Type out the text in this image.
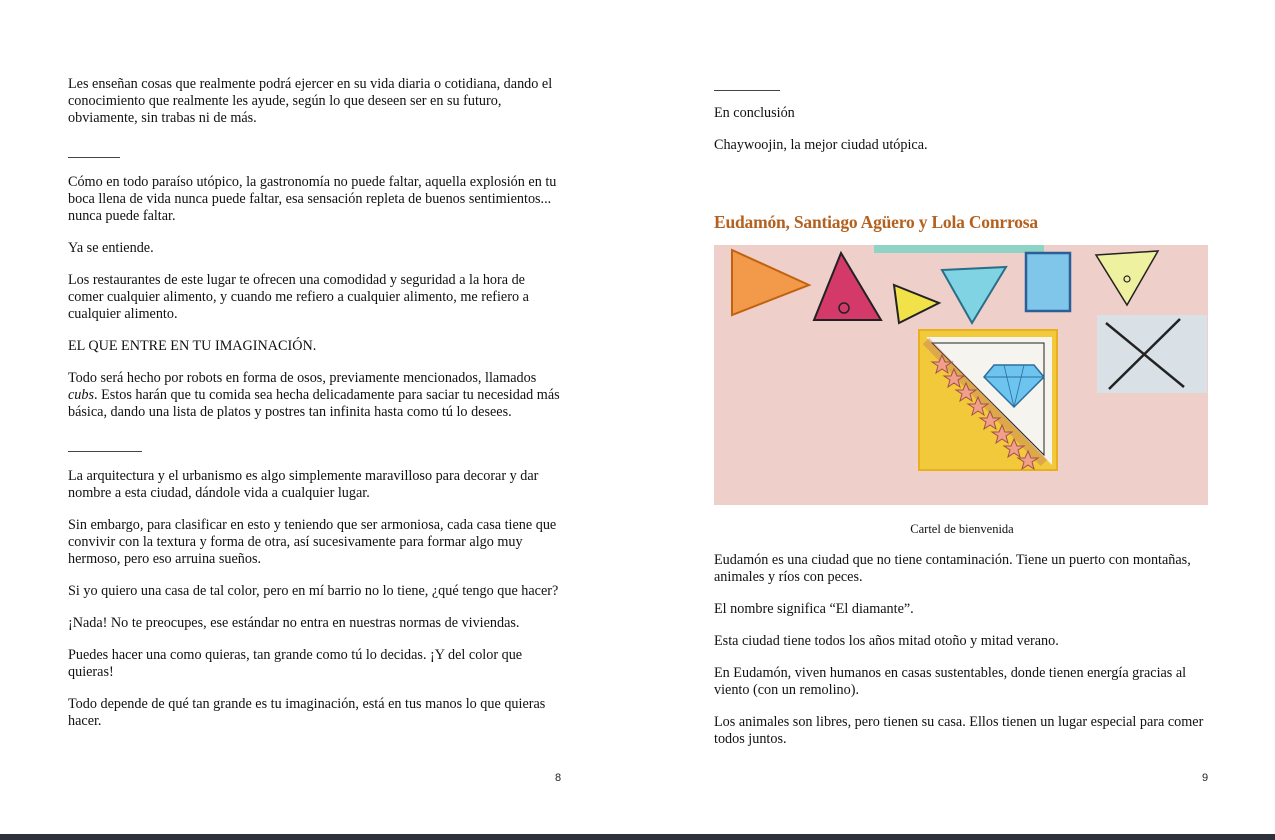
Les enseñan cosas que realmente podrá ejercer en su vida diaria o cotidiana, dando el conocimiento que realmente les ayude, según lo que deseen ser en su futuro, obviamente, sin trabas ni de más.

Cómo en todo paraíso utópico, la gastronomía no puede faltar, aquella explosión en tu boca llena de vida nunca puede faltar, esa sensación repleta de buenos sentimientos... nunca puede faltar.

Ya se entiende.

Los restaurantes de este lugar te ofrecen una comodidad y seguridad a la hora de comer cualquier alimento, y cuando me refiero a cualquier alimento, me refiero a cualquier alimento.

EL QUE ENTRE EN TU IMAGINACIÓN.

Todo será hecho por robots en forma de osos, previamente mencionados, llamados cubs. Estos harán que tu comida sea hecha delicadamente para saciar tu necesidad más básica, dando una lista de platos y postres tan infinita hasta como tú lo desees.

La arquitectura y el urbanismo es algo simplemente maravilloso para decorar y dar nombre a esta ciudad, dándole vida a cualquier lugar.

Sin embargo, para clasificar en esto y teniendo que ser armoniosa, cada casa tiene que convivir con la textura y forma de otra, así sucesivamente para formar algo muy hermoso, pero eso arruina sueños.

Si yo quiero una casa de tal color, pero en mí barrio no lo tiene, ¿qué tengo que hacer?

¡Nada! No te preocupes, ese estándar no entra en nuestras normas de viviendas.

Puedes hacer una como quieras, tan grande como tú lo decidas. ¡Y del color que quieras!

Todo depende de qué tan grande es tu imaginación, está en tus manos lo que quieras hacer.

8

En conclusión

Chaywoojin, la mejor ciudad utópica.

Eudamón, Santiago Agüero y Lola Conrrosa
Cartel de bienvenida

Eudamón es una ciudad que no tiene contaminación. Tiene un puerto con montañas, animales y ríos con peces.

El nombre significa “El diamante”.

Esta ciudad tiene todos los años mitad otoño y mitad verano.

En Eudamón, viven humanos en casas sustentables, donde tienen energía gracias al viento (con un remolino).

Los animales son libres, pero tienen su casa. Ellos tienen un lugar especial para comer todos juntos.

9
